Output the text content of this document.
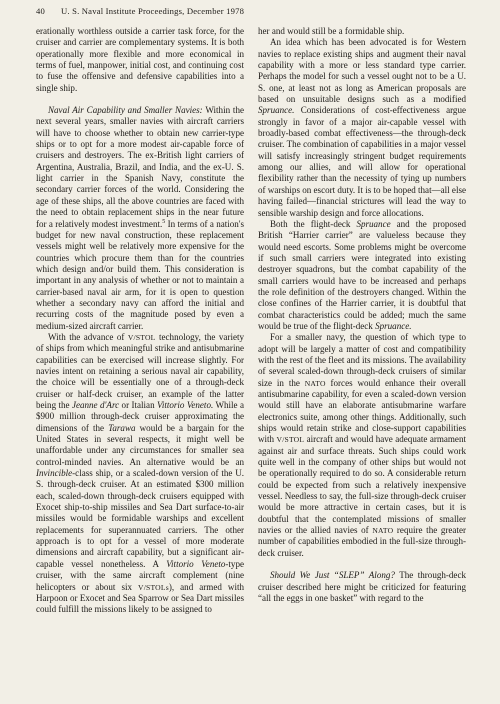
40 U. S. Naval Institute Proceedings, December 1978

erationally worthless outside a carrier task force, for the cruiser and carrier are complementary systems. It is both operationally more flexible and more economical in terms of fuel, manpower, initial cost, and continuing cost to fuse the offensive and defensive capabilities into a single ship.

Naval Air Capability and Smaller Navies: Within the next several years, smaller navies with aircraft carriers will have to choose whether to obtain new carrier-type ships or to opt for a more modest air-capable force of cruisers and destroyers. The ex-British light carriers of Argentina, Australia, Brazil, and India, and the ex-U. S. light carrier in the Spanish Navy, constitute the secondary carrier forces of the world. Considering the age of these ships, all the above countries are faced with the need to obtain replacement ships in the near future for a relatively modest investment.$^5$ In terms of a nation's budget for new naval construction, these replacement vessels might well be relatively more expensive for the countries which procure them than for the countries which design and/or build them. This consideration is important in any analysis of whether or not to maintain a carrier-based naval air arm, for it is open to question whether a secondary navy can afford the initial and recurring costs of the magnitude posed by even a medium-sized aircraft carrier.

With the advance of V/STOL technology, the variety of ships from which meaningful strike and antisubmarine capabilities can be exercised will increase slightly. For navies intent on retaining a serious naval air capability, the choice will be essentially one of a through-deck cruiser or half-deck cruiser, an example of the latter being the Jeanne d'Arc or Italian Vittorio Veneto. While a $900 million through-deck cruiser approximating the dimensions of the Tarawa would be a bargain for the United States in several respects, it might well be unaffordable under any circumstances for smaller sea control-minded navies. An alternative would be an Invincible-class ship, or a scaled-down version of the U. S. through-deck cruiser. At an estimated $300 million each, scaled-down through-deck cruisers equipped with Exocet ship-to-ship missiles and Sea Dart surface-to-air missiles would be formidable warships and excellent replacements for superannuated carriers. The other approach is to opt for a vessel of more moderate dimensions and aircraft capability, but a significant air-capable vessel nonetheless. A Vittorio Veneto-type cruiser, with the same aircraft complement (nine helicopters or about six V/STOLs), and armed with Harpoon or Exocet and Sea Sparrow or Sea Dart missiles could fulfill the missions likely to be assigned to

her and would still be a formidable ship.

An idea which has been advocated is for Western navies to replace existing ships and augment their naval capability with a more or less standard type carrier. Perhaps the model for such a vessel ought not to be a U. S. one, at least not as long as American proposals are based on unsuitable designs such as a modified Spruance. Considerations of cost-effectiveness argue strongly in favor of a major air-capable vessel with broadly-based combat effectiveness—the through-deck cruiser. The combination of capabilities in a major vessel will satisfy increasingly stringent budget requirements among our allies, and will allow for operational flexibility rather than the necessity of tying up numbers of warships on escort duty. It is to be hoped that—all else having failed—financial strictures will lead the way to sensible warship design and force allocations.

Both the flight-deck Spruance and the proposed British “Harrier carrier” are valueless because they would need escorts. Some problems might be overcome if such small carriers were integrated into existing destroyer squadrons, but the combat capability of the small carriers would have to be increased and perhaps the role definition of the destroyers changed. Within the close confines of the Harrier carrier, it is doubtful that combat characteristics could be added; much the same would be true of the flight-deck Spruance.

For a smaller navy, the question of which type to adopt will be largely a matter of cost and compatibility with the rest of the fleet and its missions. The availability of several scaled-down through-deck cruisers of similar size in the NATO forces would enhance their overall antisubmarine capability, for even a scaled-down version would still have an elaborate antisubmarine warfare electronics suite, among other things. Additionally, such ships would retain strike and close-support capabilities with V/STOL aircraft and would have adequate armament against air and surface threats. Such ships could work quite well in the company of other ships but would not be operationally required to do so. A considerable return could be expected from such a relatively inexpensive vessel. Needless to say, the full-size through-deck cruiser would be more attractive in certain cases, but it is doubtful that the contemplated missions of smaller navies or the allied navies of NATO require the greater number of capabilities embodied in the full-size through-deck cruiser.

Should We Just “SLEP” Along? The through-deck cruiser described here might be criticized for featuring “all the eggs in one basket” with regard to the
